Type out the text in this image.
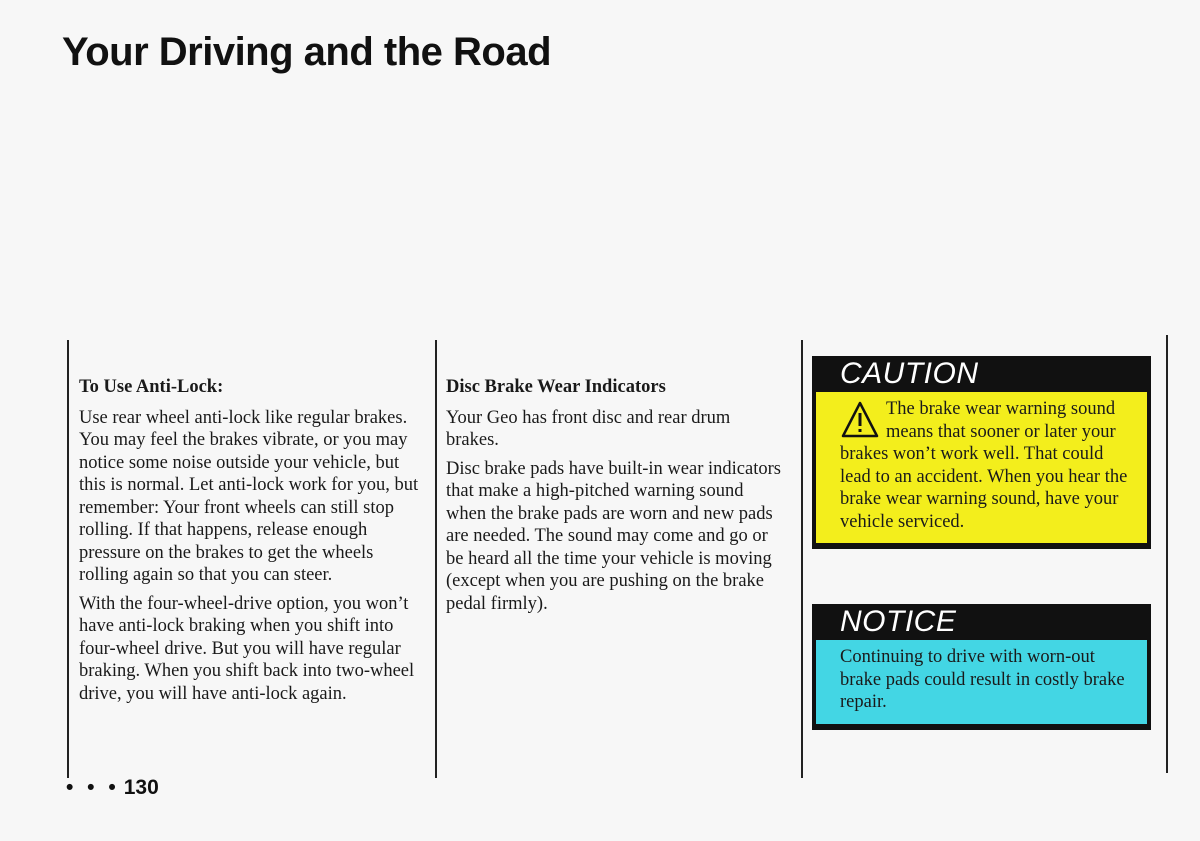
Your Driving and the Road
To Use Anti-Lock:

Use rear wheel anti-lock like regular brakes. You may feel the brakes vibrate, or you may notice some noise outside your vehicle, but this is normal. Let anti-lock work for you, but remember: Your front wheels can still stop rolling. If that happens, release enough pressure on the brakes to get the wheels rolling again so that you can steer.

With the four-wheel-drive option, you won’t have anti-lock braking when you shift into four-wheel drive. But you will have regular braking. When you shift back into two-wheel drive, you will have anti-lock again.

Disc Brake Wear Indicators

Your Geo has front disc and rear drum brakes.

Disc brake pads have built-in wear indicators that make a high-pitched warning sound when the brake pads are worn and new pads are needed. The sound may come and go or be heard all the time your vehicle is moving (except when you are pushing on the brake pedal firmly).

CAUTION
The brake wear warning sound means that sooner or later your brakes won’t work well. That could lead to an accident. When you hear the brake wear warning sound, have your vehicle serviced.
NOTICE
Continuing to drive with worn-out brake pads could result in costly brake repair.
• • • 130
